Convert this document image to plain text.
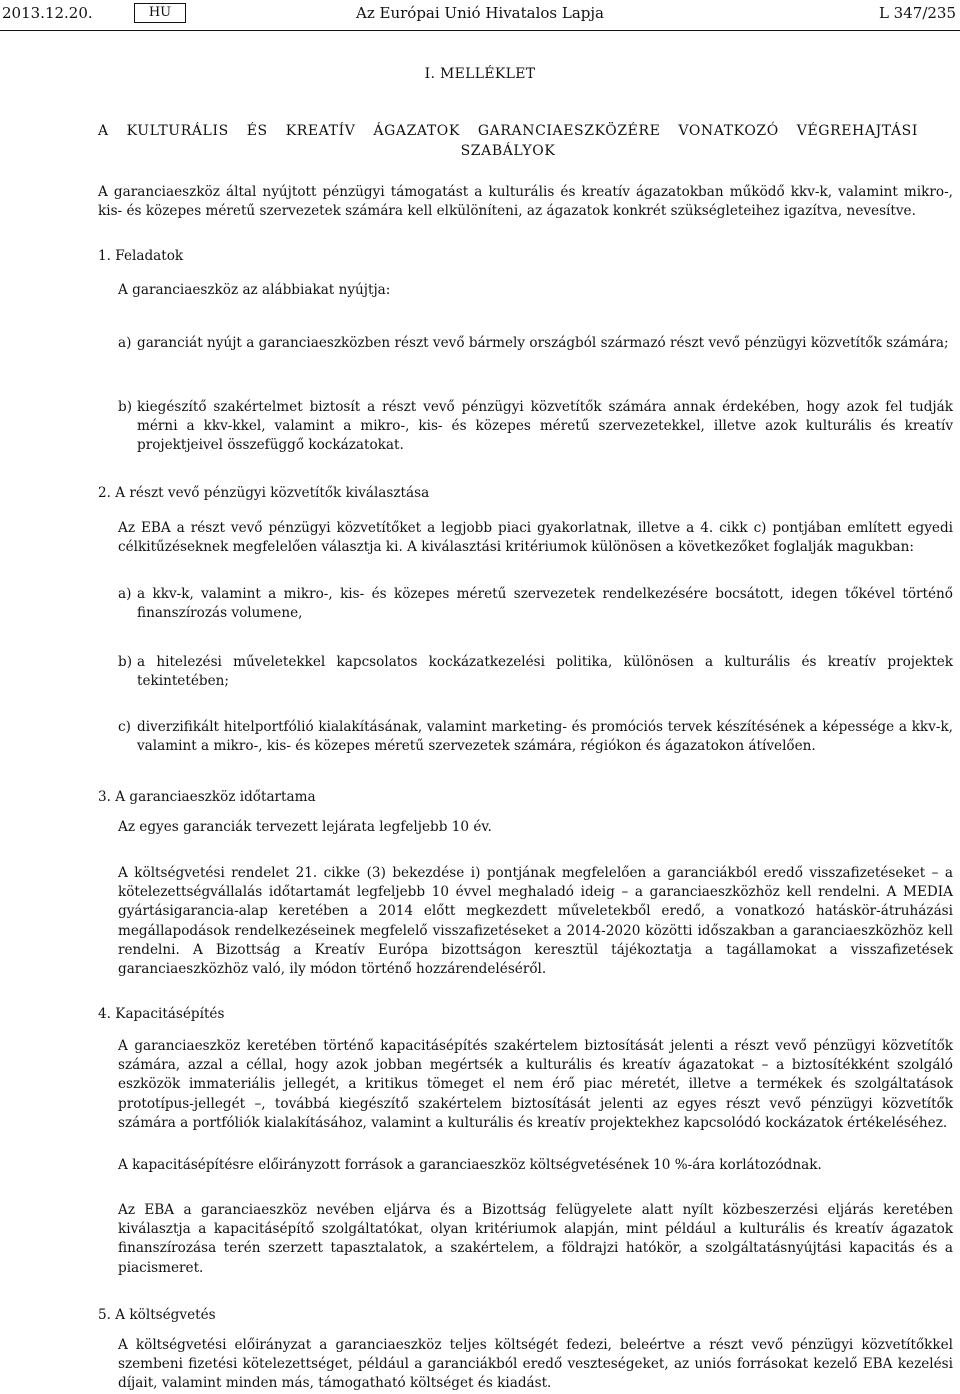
2013.12.20.	HU	Az Európai Unió Hivatalos Lapja	L 347/235
I. MELLÉKLET
A KULTURÁLIS ÉS KREATÍV ÁGAZATOK GARANCIAESZKÖZÉRE VONATKOZÓ VÉGREHAJTÁSI SZABÁLYOK
A garanciaeszköz által nyújtott pénzügyi támogatást a kulturális és kreatív ágazatokban működő kkv-k, valamint mikro-, kis- és közepes méretű szervezetek számára kell elkülöníteni, az ágazatok konkrét szükségleteihez igazítva, nevesítve.
1. Feladatok
A garanciaeszköz az alábbiakat nyújtja:
a) garanciát nyújt a garanciaeszközben részt vevő bármely országból származó részt vevő pénzügyi közvetítők számára;
b) kiegészítő szakértelmet biztosít a részt vevő pénzügyi közvetítők számára annak érdekében, hogy azok fel tudják mérni a kkv-kkel, valamint a mikro-, kis- és közepes méretű szervezetekkel, illetve azok kulturális és kreatív projektjeivel összefüggő kockázatokat.
2. A részt vevő pénzügyi közvetítők kiválasztása
Az EBA a részt vevő pénzügyi közvetítőket a legjobb piaci gyakorlatnak, illetve a 4. cikk c) pontjában említett egyedi célkitűzéseknek megfelelően választja ki. A kiválasztási kritériumok különösen a következőket foglalják magukban:
a) a kkv-k, valamint a mikro-, kis- és közepes méretű szervezetek rendelkezésére bocsátott, idegen tőkével történő finanszírozás volumene,
b) a hitelezési műveletekkel kapcsolatos kockázatkezelési politika, különösen a kulturális és kreatív projektek tekintetében;
c) diverzifikált hitelportfólió kialakításának, valamint marketing- és promóciós tervek készítésének a képessége a kkv-k, valamint a mikro-, kis- és közepes méretű szervezetek számára, régiókon és ágazatokon átívelően.
3. A garanciaeszköz időtartama
Az egyes garanciák tervezett lejárata legfeljebb 10 év.
A költségvetési rendelet 21. cikke (3) bekezdése i) pontjának megfelelően a garanciákból eredő visszafizetéseket – a kötelezettségvállalás időtartamát legfeljebb 10 évvel meghaladó ideig – a garanciaeszközhöz kell rendelni. A MEDIA gyártásigarancia-alap keretében a 2014 előtt megkezdett műveletekből eredő, a vonatkozó hatáskör-átruházási megállapodások rendelkezéseinek megfelelő visszafizetéseket a 2014-2020 közötti időszakban a garanciaeszközhöz kell rendelni. A Bizottság a Kreatív Európa bizottságon keresztül tájékoztatja a tagállamokat a visszafizetések garanciaeszközhöz való, ily módon történő hozzárendeléséről.
4. Kapacitásépítés
A garanciaeszköz keretében történő kapacitásépítés szakértelem biztosítását jelenti a részt vevő pénzügyi közvetítők számára, azzal a céllal, hogy azok jobban megértsék a kulturális és kreatív ágazatokat – a biztosítékként szolgáló eszközök immateriális jellegét, a kritikus tömeget el nem érő piac méretét, illetve a termékek és szolgáltatások prototípus-jellegét –, továbbá kiegészítő szakértelem biztosítását jelenti az egyes részt vevő pénzügyi közvetítők számára a portfóliók kialakításához, valamint a kulturális és kreatív projektekhez kapcsolódó kockázatok értékeléséhez.
A kapacitásépítésre előirányzott források a garanciaeszköz költségvetésének 10 %-ára korlátozódnak.
Az EBA a garanciaeszköz nevében eljárva és a Bizottság felügyelete alatt nyílt közbeszerzési eljárás keretében kiválasztja a kapacitásépítő szolgáltatókat, olyan kritériumok alapján, mint például a kulturális és kreatív ágazatok finanszírozása terén szerzett tapasztalatok, a szakértelem, a földrajzi hatókör, a szolgáltatásnyújtási kapacitás és a piacismeret.
5. A költségvetés
A költségvetési előirányzat a garanciaeszköz teljes költségét fedezi, beleértve a részt vevő pénzügyi közvetítőkkel szembeni fizetési kötelezettséget, például a garanciákból eredő veszteségeket, az uniós forrásokat kezelő EBA kezelési díjait, valamint minden más, támogatható költséget és kiadást.
